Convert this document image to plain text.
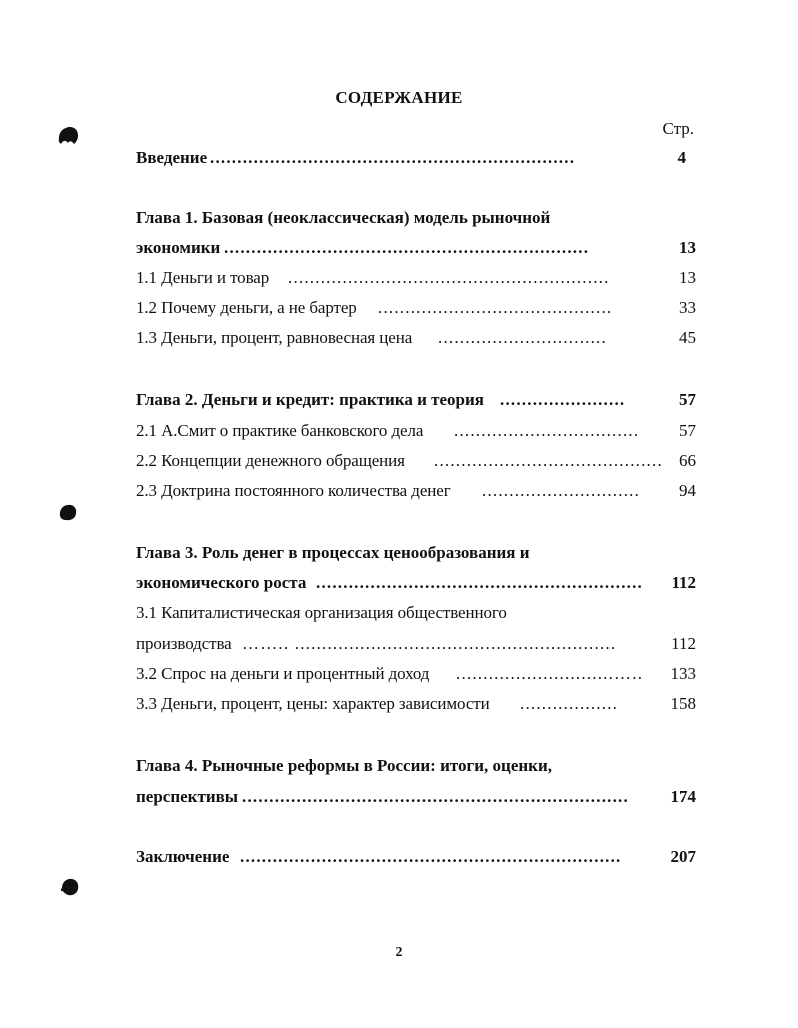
СОДЕРЖАНИЕ
Стр.
Введение ...................................................................	4
Глава 1. Базовая (неоклассическая) модель рыночной
экономики ...................................................................	13
1.1 Деньги и товар ...........................................................	13
1.2 Почему деньги, а не бартер ...........................................	33
1.3 Деньги, процент, равновесная цена ...............................	45
Глава 2. Деньги и кредит: практика и теория .......................	57
2.1 А.Смит о практике банковского дела .................................. 57
2.2 Концепции денежного обращения .......................................... 66
2.3 Доктрина постоянного количества денег ............................. 94
Глава 3. Роль денег в процессах ценообразования и
экономического роста ............................................................ 112
3.1 Капиталистическая организация общественного
производства …….. ...........................................................	112
3.2 Спрос на деньги и процентный доход .............................….. 133
3.3 Деньги, процент, цены: характер зависимости ..................	158
Глава 4. Рыночные реформы в России: итоги, оценки,
перспективы ....................................................................... 174
Заключение ......................................................................	207
2
